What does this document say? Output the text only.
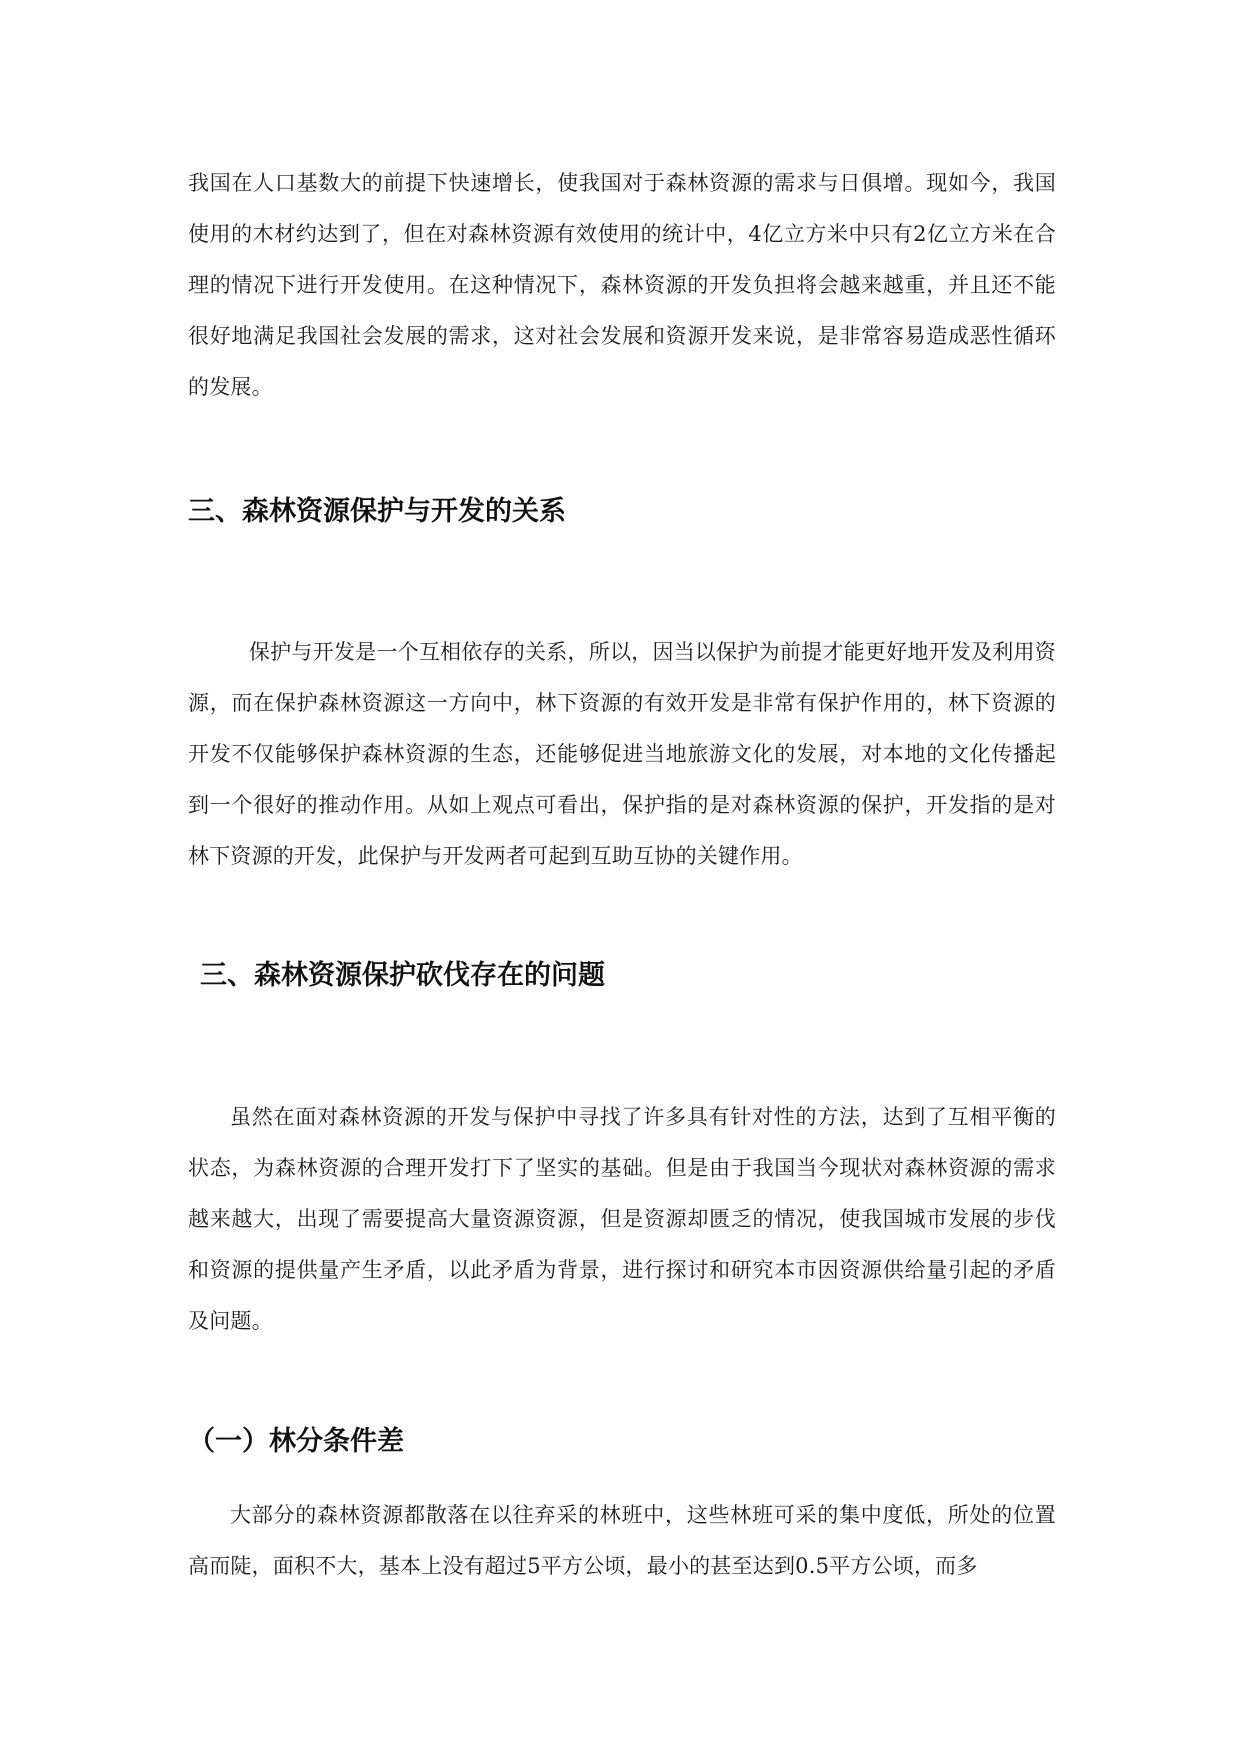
我国在人口基数大的前提下快速增长，使我国对于森林资源的需求与日俱增。现如今，我国使用的木材约达到了，但在对森林资源有效使用的统计中，4亿立方米中只有2亿立方米在合理的情况下进行开发使用。在这种情况下，森林资源的开发负担将会越来越重，并且还不能很好地满足我国社会发展的需求，这对社会发展和资源开发来说，是非常容易造成恶性循环的发展。

三、森林资源保护与开发的关系

保护与开发是一个互相依存的关系，所以，因当以保护为前提才能更好地开发及利用资源，而在保护森林资源这一方向中，林下资源的有效开发是非常有保护作用的，林下资源的开发不仅能够保护森林资源的生态，还能够促进当地旅游文化的发展，对本地的文化传播起到一个很好的推动作用。从如上观点可看出，保护指的是对森林资源的保护，开发指的是对林下资源的开发，此保护与开发两者可起到互助互协的关键作用。

三、森林资源保护砍伐存在的问题

虽然在面对森林资源的开发与保护中寻找了许多具有针对性的方法，达到了互相平衡的状态，为森林资源的合理开发打下了坚实的基础。但是由于我国当今现状对森林资源的需求越来越大，出现了需要提高大量资源资源，但是资源却匮乏的情况，使我国城市发展的步伐和资源的提供量产生矛盾，以此矛盾为背景，进行探讨和研究本市因资源供给量引起的矛盾及问题。

（一）林分条件差

大部分的森林资源都散落在以往弃采的林班中，这些林班可采的集中度低，所处的位置高而陡，面积不大，基本上没有超过5平方公顷，最小的甚至达到0.5平方公顷，而多
